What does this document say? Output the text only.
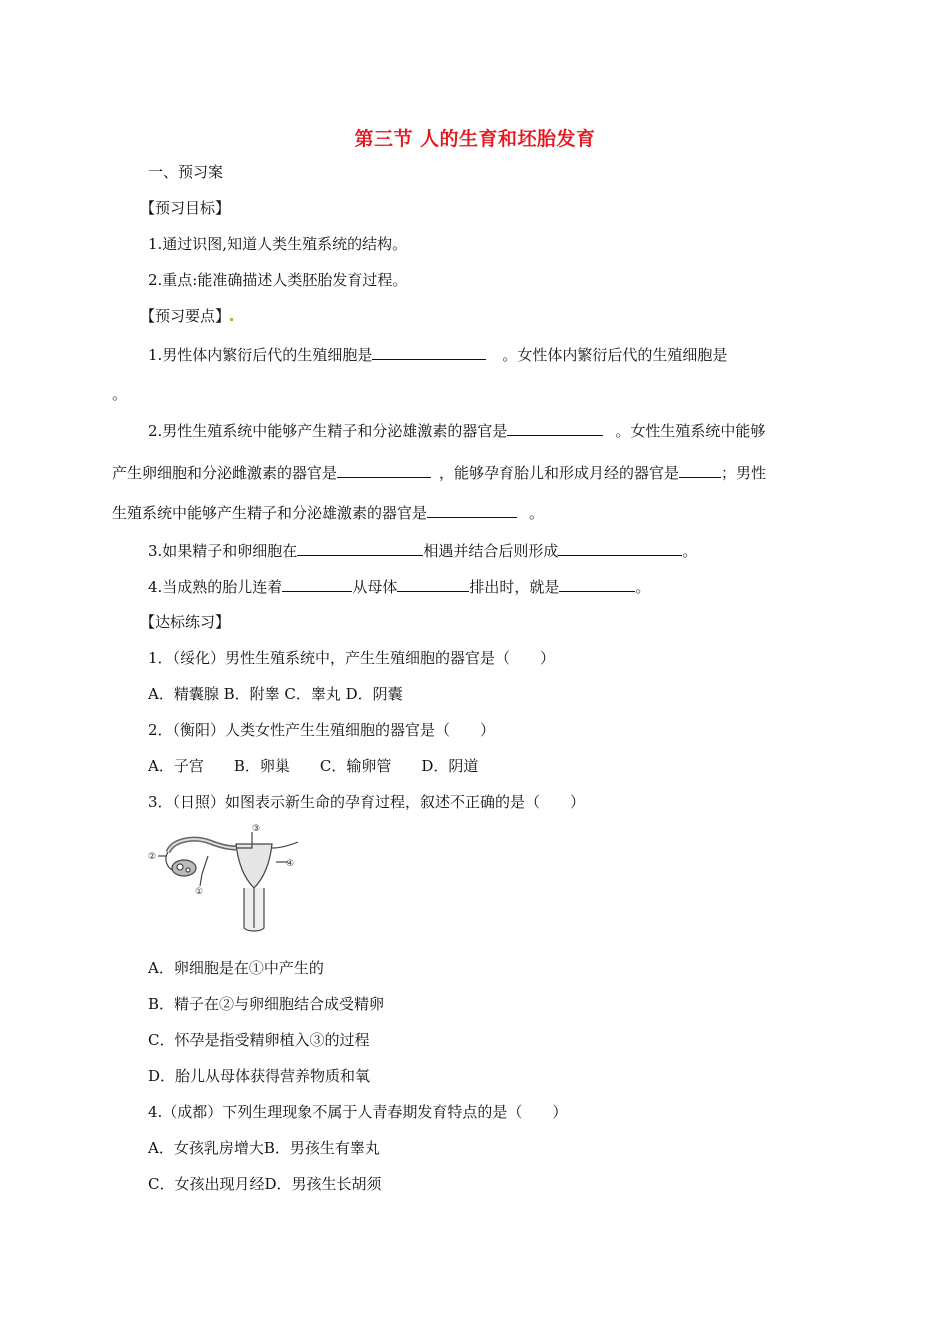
第三节 人的生育和坯胎发育
一、预习案
【预习目标】
1.通过识图,知道人类生殖系统的结构。
2.重点:能准确描述人类胚胎发育过程。
【预习要点】
1.男性体内繁衍后代的生殖细胞是	。女性体内繁衍后代的生殖细胞是
。
2.男性生殖系统中能够产生精子和分泌雄激素的器官是	。女性生殖系统中能够
产生卵细胞和分泌雌激素的器官是	，能够孕育胎儿和形成月经的器官是	；男性
生殖系统中能够产生精子和分泌雄激素的器官是	。
3.如果精子和卵细胞在	相遇并结合后则形成	。
4.当成熟的胎儿连着	从母体	排出时，就是	。
【达标练习】
1．（绥化）男性生殖系统中，产生生殖细胞的器官是（　　）
A．精囊腺 B．附睾 C．睾丸 D．阴囊
2．（衡阳）人类女性产生生殖细胞的器官是（　　）
A．子宫　　B．卵巢　　C．输卵管　　D．阴道
3．（日照）如图表示新生命的孕育过程，叙述不正确的是（　　）
③
②
④
①
A．卵细胞是在①中产生的
B．精子在②与卵细胞结合成受精卵
C．怀孕是指受精卵植入③的过程
D．胎儿从母体获得营养物质和氧
4.（成都）下列生理现象不属于人青春期发育特点的是（　　）
A．女孩乳房增大B．男孩生有睾丸
C．女孩出现月经D．男孩生长胡须
